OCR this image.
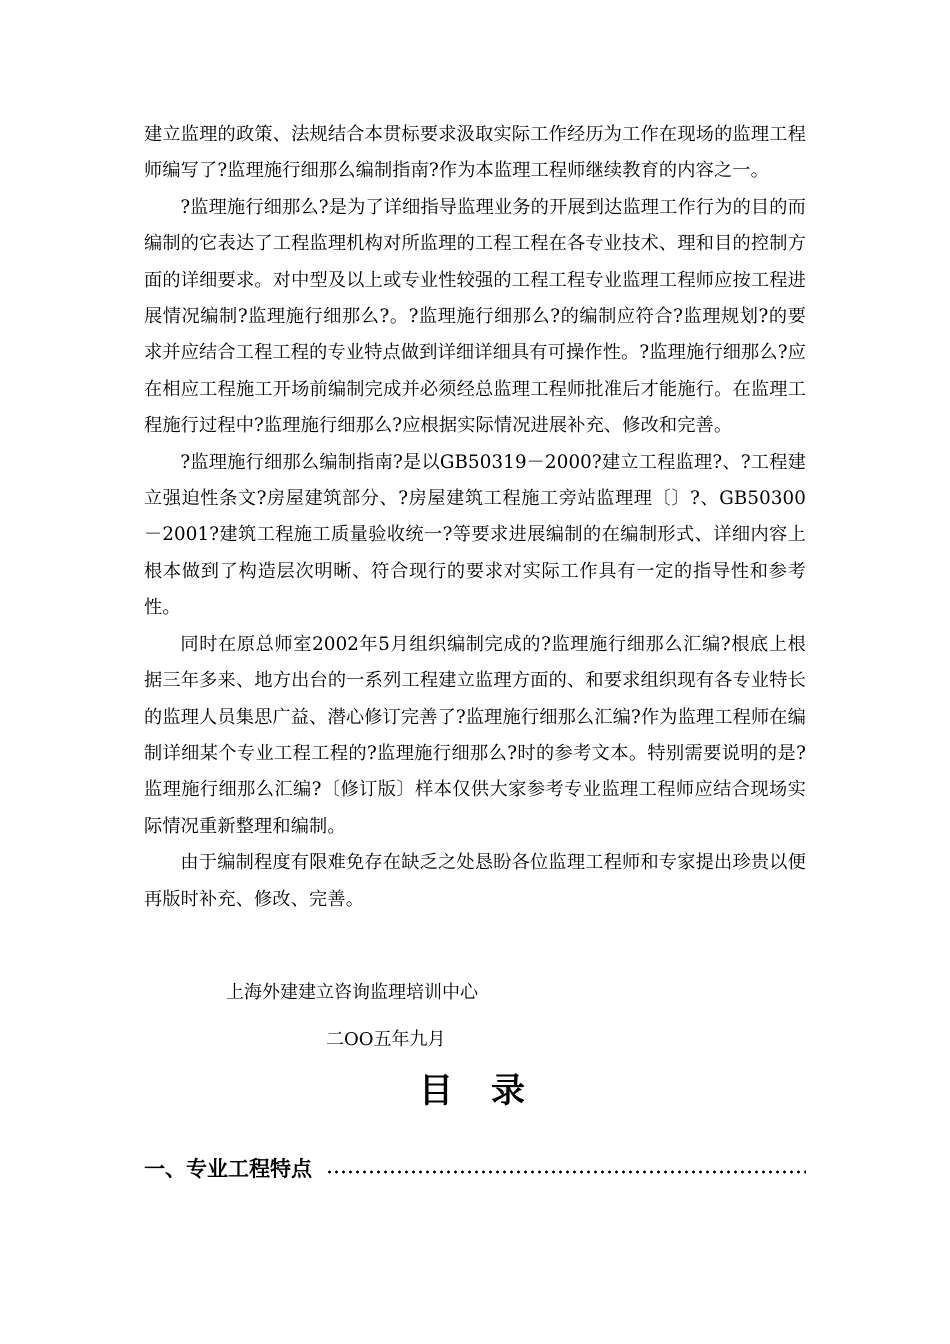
建立监理的政策、法规结合本贯标要求汲取实际工作经历为工作在现场的监理工程师编写了?监理施行细那么编制指南?作为本监理工程师继续教育的内容之一。

?监理施行细那么?是为了详细指导监理业务的开展到达监理工作行为的目的而编制的它表达了工程监理机构对所监理的工程工程在各专业技术、理和目的控制方面的详细要求。对中型及以上或专业性较强的工程工程专业监理工程师应按工程进展情况编制?监理施行细那么?。?监理施行细那么?的编制应符合?监理规划?的要求并应结合工程工程的专业特点做到详细详细具有可操作性。?监理施行细那么?应在相应工程施工开场前编制完成并必须经总监理工程师批准后才能施行。在监理工程施行过程中?监理施行细那么?应根据实际情况进展补充、修改和完善。

?监理施行细那么编制指南?是以GB50319－2000?建立工程监理?、?工程建立强迫性条文?房屋建筑部分、?房屋建筑工程施工旁站监理理〔〕?、GB50300－2001?建筑工程施工质量验收统一?等要求进展编制的在编制形式、详细内容上根本做到了构造层次明晰、符合现行的要求对实际工作具有一定的指导性和参考性。

同时在原总师室2002年5月组织编制完成的?监理施行细那么汇编?根底上根据三年多来、地方出台的一系列工程建立监理方面的、和要求组织现有各专业特长的监理人员集思广益、潜心修订完善了?监理施行细那么汇编?作为监理工程师在编制详细某个专业工程工程的?监理施行细那么?时的参考文本。特别需要说明的是?监理施行细那么汇编?〔修订版〕样本仅供大家参考专业监理工程师应结合现场实际情况重新整理和编制。

由于编制程度有限难免存在缺乏之处恳盼各位监理工程师和专家提出珍贵以便再版时补充、修改、完善。

上海外建建立咨询监理培训中心

二OO五年九月

目录
一、专业工程特点
